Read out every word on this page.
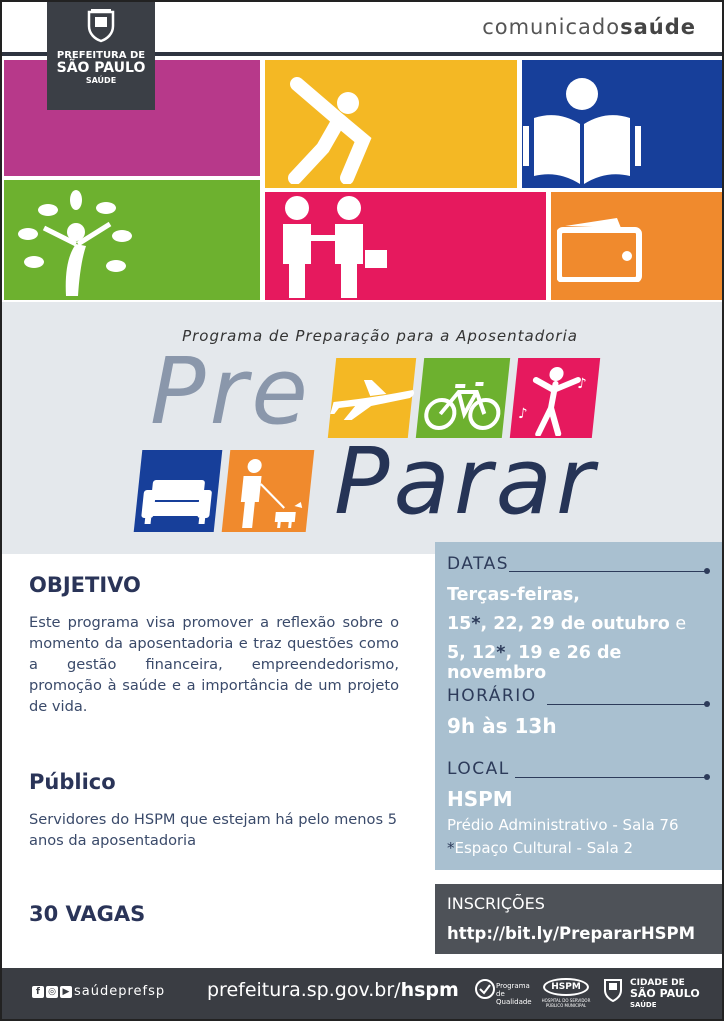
comunicadosaúde
PREFEITURA DE
SÃO PAULO
SAÚDE
Programa de Preparação para a Aposentadoria
♪
♪
Pre
Parar
OBJETIVO
Este programa visa promover a reflexão sobre o momento da aposentadoria e traz questões como a gestão financeira, empreendedorismo, promoção à saúde e a importância de um projeto de vida.
Público
Servidores do HSPM que estejam há pelo menos 5 anos da aposentadoria
30 VAGAS
DATAS
Terças-feiras,
15*, 22, 29 de outubro e
5, 12*, 19 e 26 de novembro
HORÁRIO
9h às 13h
LOCAL
HSPM
Prédio Administrativo - Sala 76
*Espaço Cultural - Sala 2
INSCRIÇÕES
http://bit.ly/PrepararHSPM
f ◎ ▶ saúdeprefsp prefeitura.sp.gov.br/hspm	Programa de Qualidade
HSPM
HOSPITAL DO SERVIDOR PÚBLICO MUNICIPAL
CIDADE DE
SÃO PAULO
SAÚDE
